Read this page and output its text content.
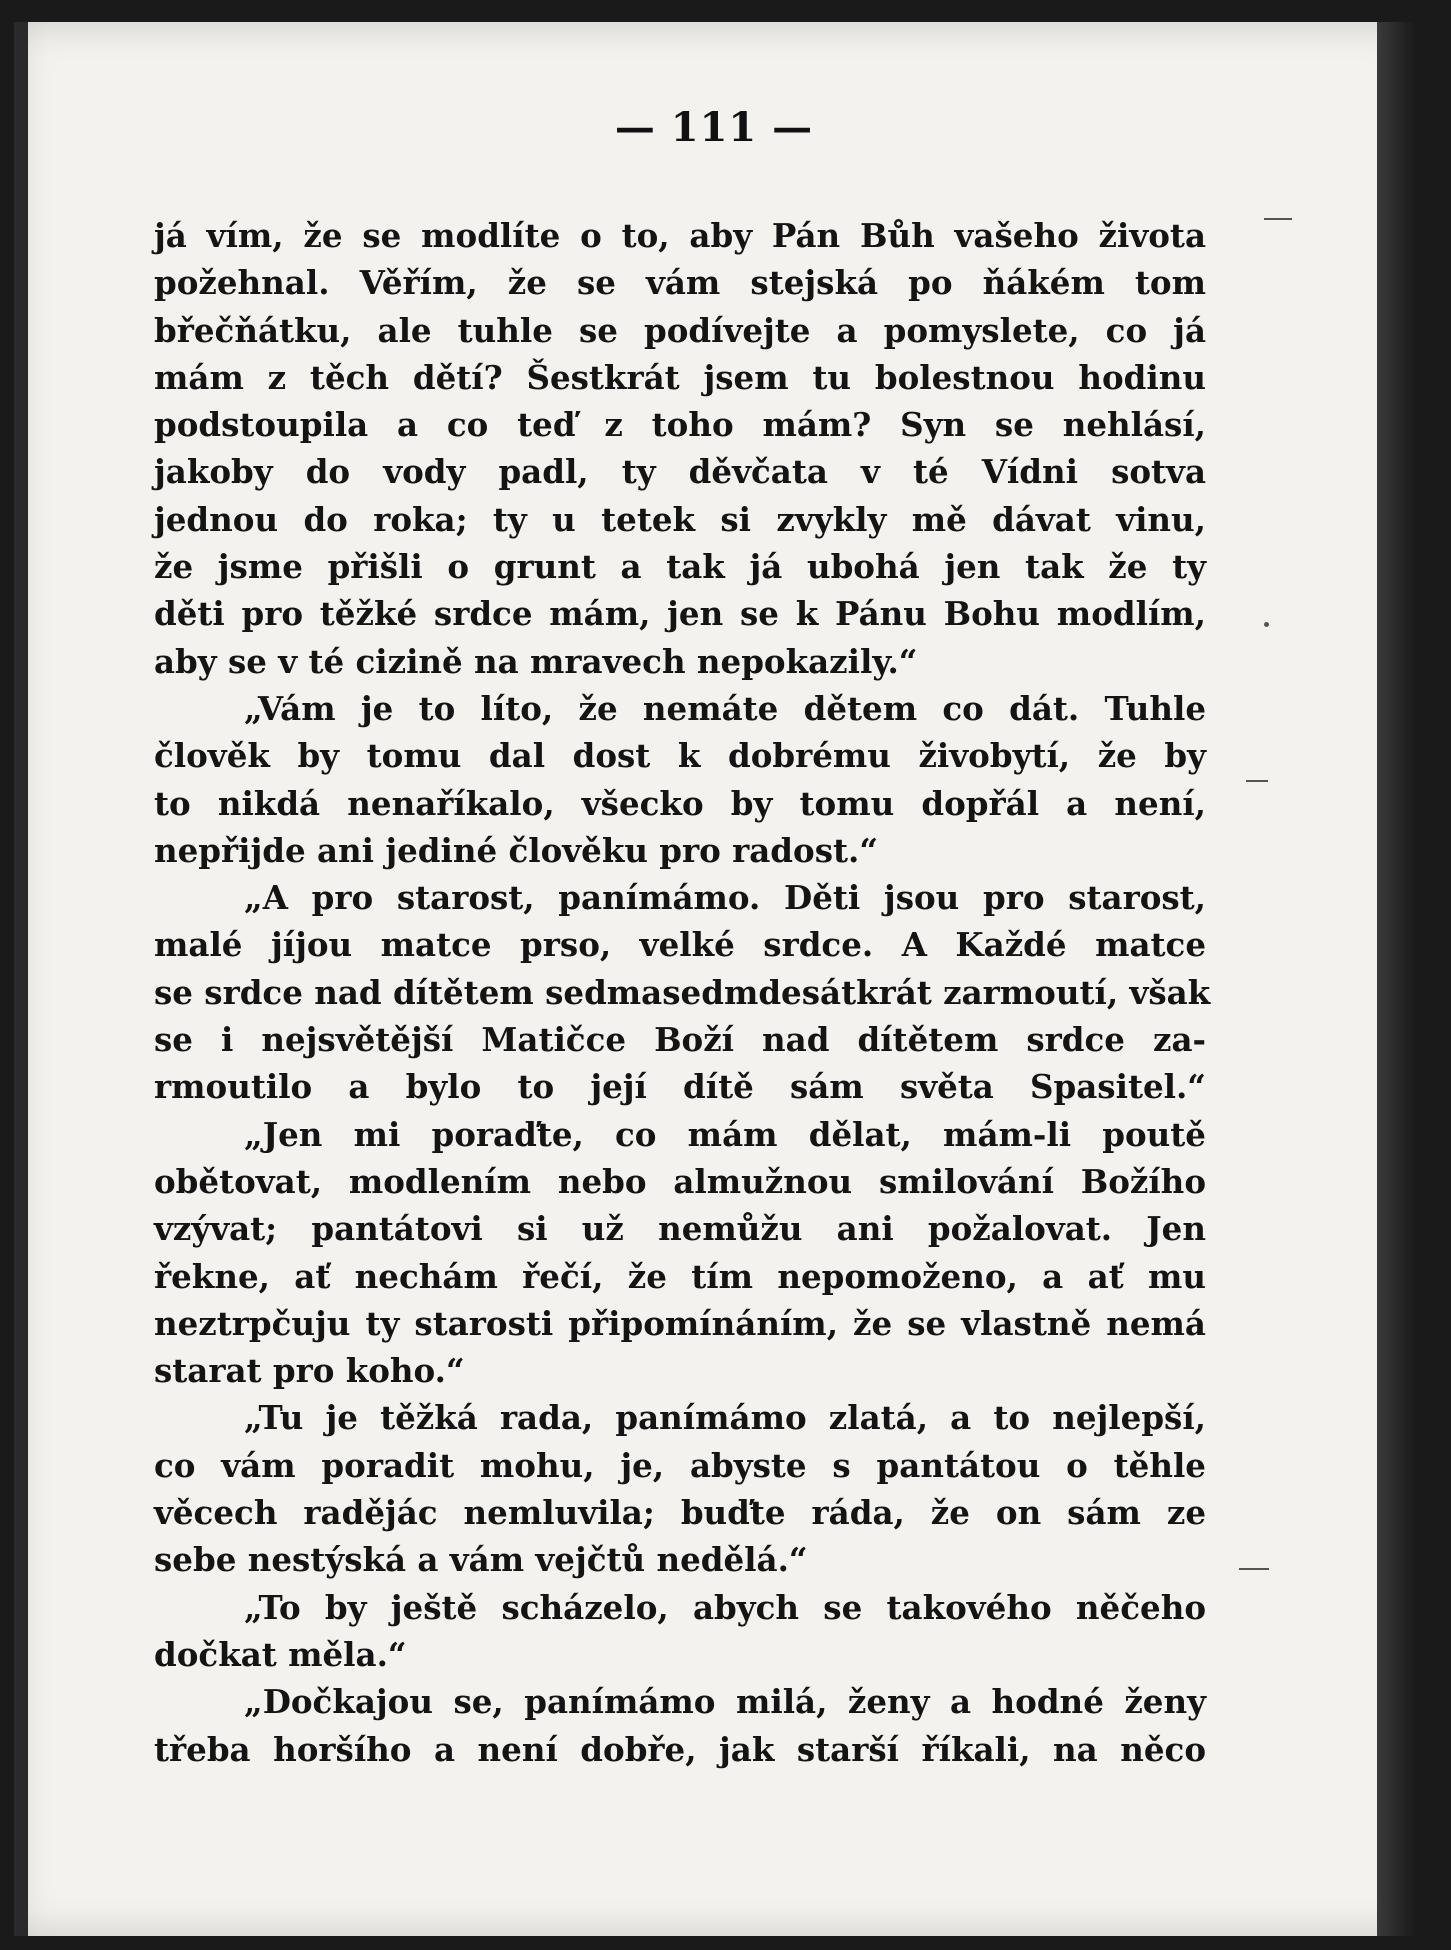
— 111 —
já vím, že se modlíte o to, aby Pán Bůh vašeho života
požehnal. Věřím, že se vám stejská po ňákém tom
břečňátku, ale tuhle se podívejte a pomyslete, co já
mám z těch dětí? Šestkrát jsem tu bolestnou hodinu
podstoupila a co teď z toho mám? Syn se nehlásí,
jakoby do vody padl, ty děvčata v té Vídni sotva
jednou do roka; ty u tetek si zvykly mě dávat vinu,
že jsme přišli o grunt a tak já ubohá jen tak že ty
děti pro těžké srdce mám, jen se k Pánu Bohu modlím,
aby se v té cizině na mravech nepokazily.“
„Vám je to líto, že nemáte dětem co dát. Tuhle
člověk by tomu dal dost k dobrému živobytí, že by
to nikdá nenaříkalo, všecko by tomu dopřál a není,
nepřijde ani jediné člověku pro radost.“
„A pro starost, panímámo. Děti jsou pro starost,
malé jíjou matce prso, velké srdce. A Každé matce
se srdce nad dítětem sedmasedmdesátkrát zarmoutí, však
se i nejsvětější Matičce Boží nad dítětem srdce za-
rmoutilo a bylo to její dítě sám světa Spasitel.“
„Jen mi poraďte, co mám dělat, mám-li poutě
obětovat, modlením nebo almužnou smilování Božího
vzývat; pantátovi si už nemůžu ani požalovat. Jen
řekne, ať nechám řečí, že tím nepomoženo, a ať mu
neztrpčuju ty starosti připomínáním, že se vlastně nemá
starat pro koho.“
„Tu je těžká rada, panímámo zlatá, a to nejlepší,
co vám poradit mohu, je, abyste s pantátou o těhle
věcech radějác nemluvila; buďte ráda, že on sám ze
sebe nestýská a vám vejčtů nedělá.“
„To by ještě scházelo, abych se takového něčeho
dočkat měla.“
„Dočkajou se, panímámo milá, ženy a hodné ženy
třeba horšího a není dobře, jak starší říkali, na něco
